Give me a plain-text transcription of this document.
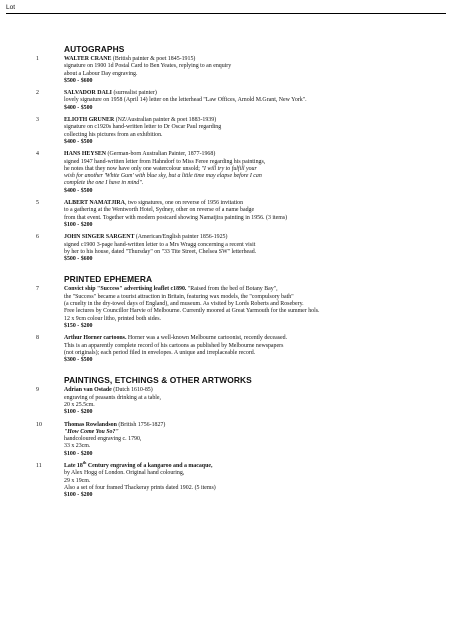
Lot
AUTOGRAPHS
1	WALTER CRANE (British painter & poet 1845-1915)
signature on 1900 1d Postal Card to Ben Yeates, replying to an enquiry
about a Labour Day engraving.
$500 - $600
2	SALVADOR DALI (surrealist painter)
lovely signature on 1958 (April 14) letter on the letterhead "Law Offices, Arnold M.Grant, New York".
$400 - $500
3	ELIOTH GRUNER (NZ/Australian painter & poet 1883-1939)
signature on c1920s hand-written letter to Dr Oscar Paul regarding
collecting his pictures from an exhibition.
$400 - $500
4	HANS HEYSEN (German-born Australian Painter, 1877-1968)
signed 1947 hand-written letter from Hahndorf to Miss Feree regarding his paintings,
he notes that they now have only one watercolour unsold; "I will try to fulfill your
wish for another 'White Gum' with blue sky, but a little time may elapse before I can
complete the one I have in mind".
$400 - $500
5	ALBERT NAMATJIRA, two signatures, one on reverse of 1956 invitation
to a gathering at the Wentworth Hotel, Sydney, other on reverse of a name badge
from that event. Together with modern postcard showing Namatjira painting in 1956. (3 items)
$100 - $200
6	JOHN SINGER SARGENT (American/English painter 1856-1925)
signed c1900 3-page hand-written letter to a Mrs Wragg concerning a recent visit
by her to his house, dated "Thursday" on "33 Tite Street, Chelsea SW" letterhead.
$500 - $600
PRINTED EPHEMERA
7	Convict ship "Success" advertising leaflet c1890. "Raised from the bed of Botany Bay",
the "Success" became a tourist attraction in Britain, featuring wax models, the "compulsory bath"
(a cruelty in the dry-towel days of England), and museum. As visited by Lords Roberts and Rosebery.
Free lectures by Councillor Harvie of Melbourne. Currently moored at Great Yarmouth for the summer hols.
12 x 9cm colour litho, printed both sides.
$150 - $200
8	Arthur Horner cartoons. Horner was a well-known Melbourne cartoonist, recently deceased.
This is an apparently complete record of his cartoons as published by Melbourne newspapers
(not originals); each period filed in envelopes. A unique and irreplaceable record.
$300 - $500
PAINTINGS, ETCHINGS & OTHER ARTWORKS
9	Adrian van Ostade (Dutch 1610-85)
engraving of peasants drinking at a table,
20 x 25.5cm.
$100 - $200
10	Thomas Rowlandson (British 1756-1827)
"How Come You So?"
handcoloured engraving c. 1790,
33 x 23cm.
$100 - $200
11	Late 18th Century engraving of a kangaroo and a macaque,
by Alex Hogg of London. Original hand colouring,
29 x 19cm.
Also a set of four framed Thackeray prints dated 1902. (5 items)
$100 - $200
